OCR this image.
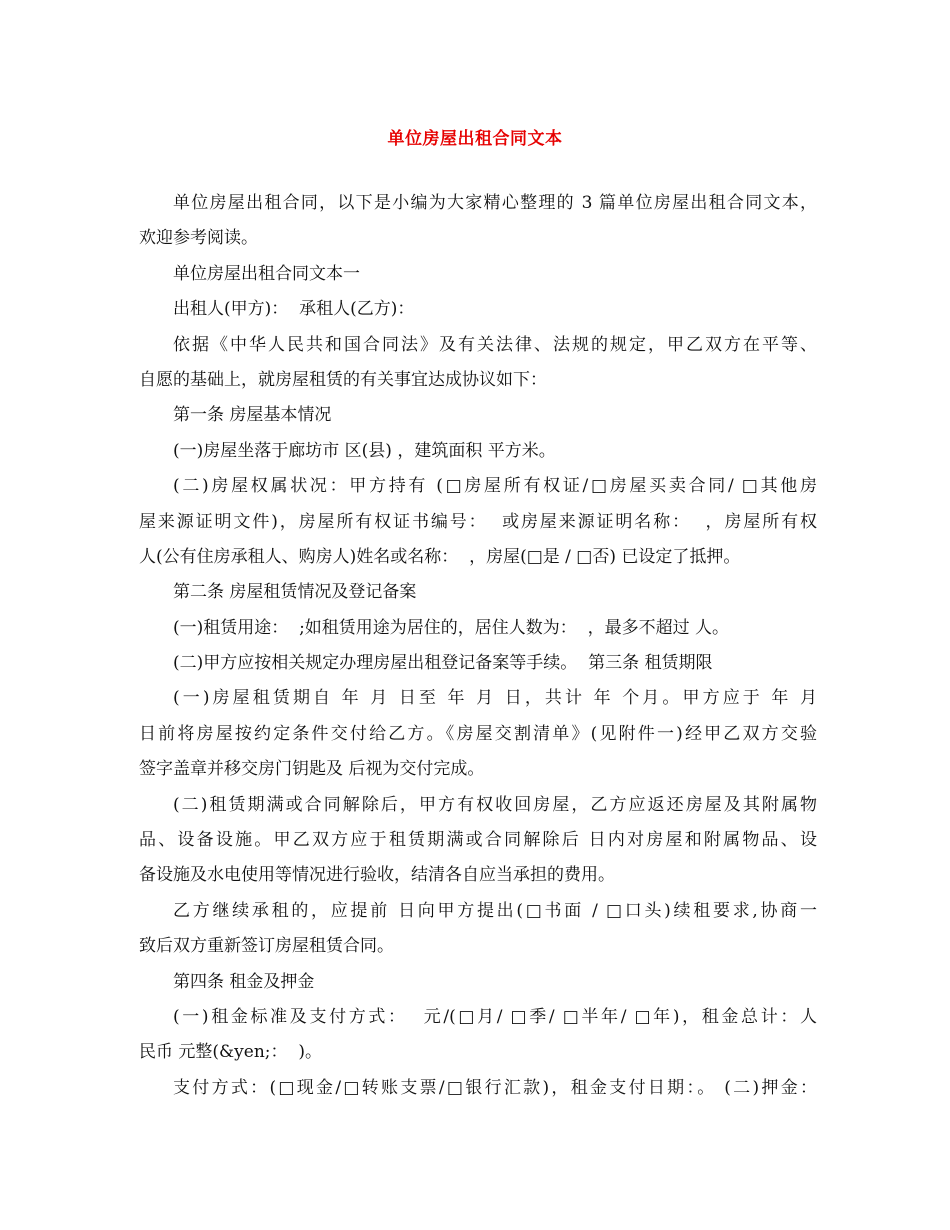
单位房屋出租合同文本
单位房屋出租合同，以下是小编为大家精心整理的 3 篇单位房屋出租合同文本，
欢迎参考阅读。
单位房屋出租合同文本一
出租人(甲方)：  承租人(乙方)：
依据《中华人民共和国合同法》及有关法律、法规的规定，甲乙双方在平等、
自愿的基础上，就房屋租赁的有关事宜达成协议如下：
第一条 房屋基本情况
(一)房屋坐落于廊坊市 区(县) ，建筑面积 平方米。
(二)房屋权属状况：甲方持有 (□房屋所有权证/□房屋买卖合同/ □其他房
屋来源证明文件)，房屋所有权证书编号：  或房屋来源证明名称：  ，房屋所有权
人(公有住房承租人、购房人)姓名或名称：  ，房屋(□是 / □否) 已设定了抵押。
第二条 房屋租赁情况及登记备案
(一)租赁用途：  ;如租赁用途为居住的，居住人数为：  ，最多不超过 人。
(二)甲方应按相关规定办理房屋出租登记备案等手续。  第三条 租赁期限
(一)房屋租赁期自 年 月 日至 年 月 日，共计 年 个月。甲方应于 年 月
日前将房屋按约定条件交付给乙方。《房屋交割清单》(见附件一)经甲乙双方交验
签字盖章并移交房门钥匙及 后视为交付完成。
(二)租赁期满或合同解除后，甲方有权收回房屋，乙方应返还房屋及其附属物
品、设备设施。甲乙双方应于租赁期满或合同解除后 日内对房屋和附属物品、设
备设施及水电使用等情况进行验收，结清各自应当承担的费用。
乙方继续承租的，应提前 日向甲方提出(□书面 / □口头)续租要求,协商一
致后双方重新签订房屋租赁合同。
第四条 租金及押金
(一)租金标准及支付方式：  元/(□月/ □季/ □半年/ □年)，租金总计：人
民币 元整(&yen;：  )。
支付方式：(□现金/□转账支票/□银行汇款)，租金支付日期：。 (二)押金：
